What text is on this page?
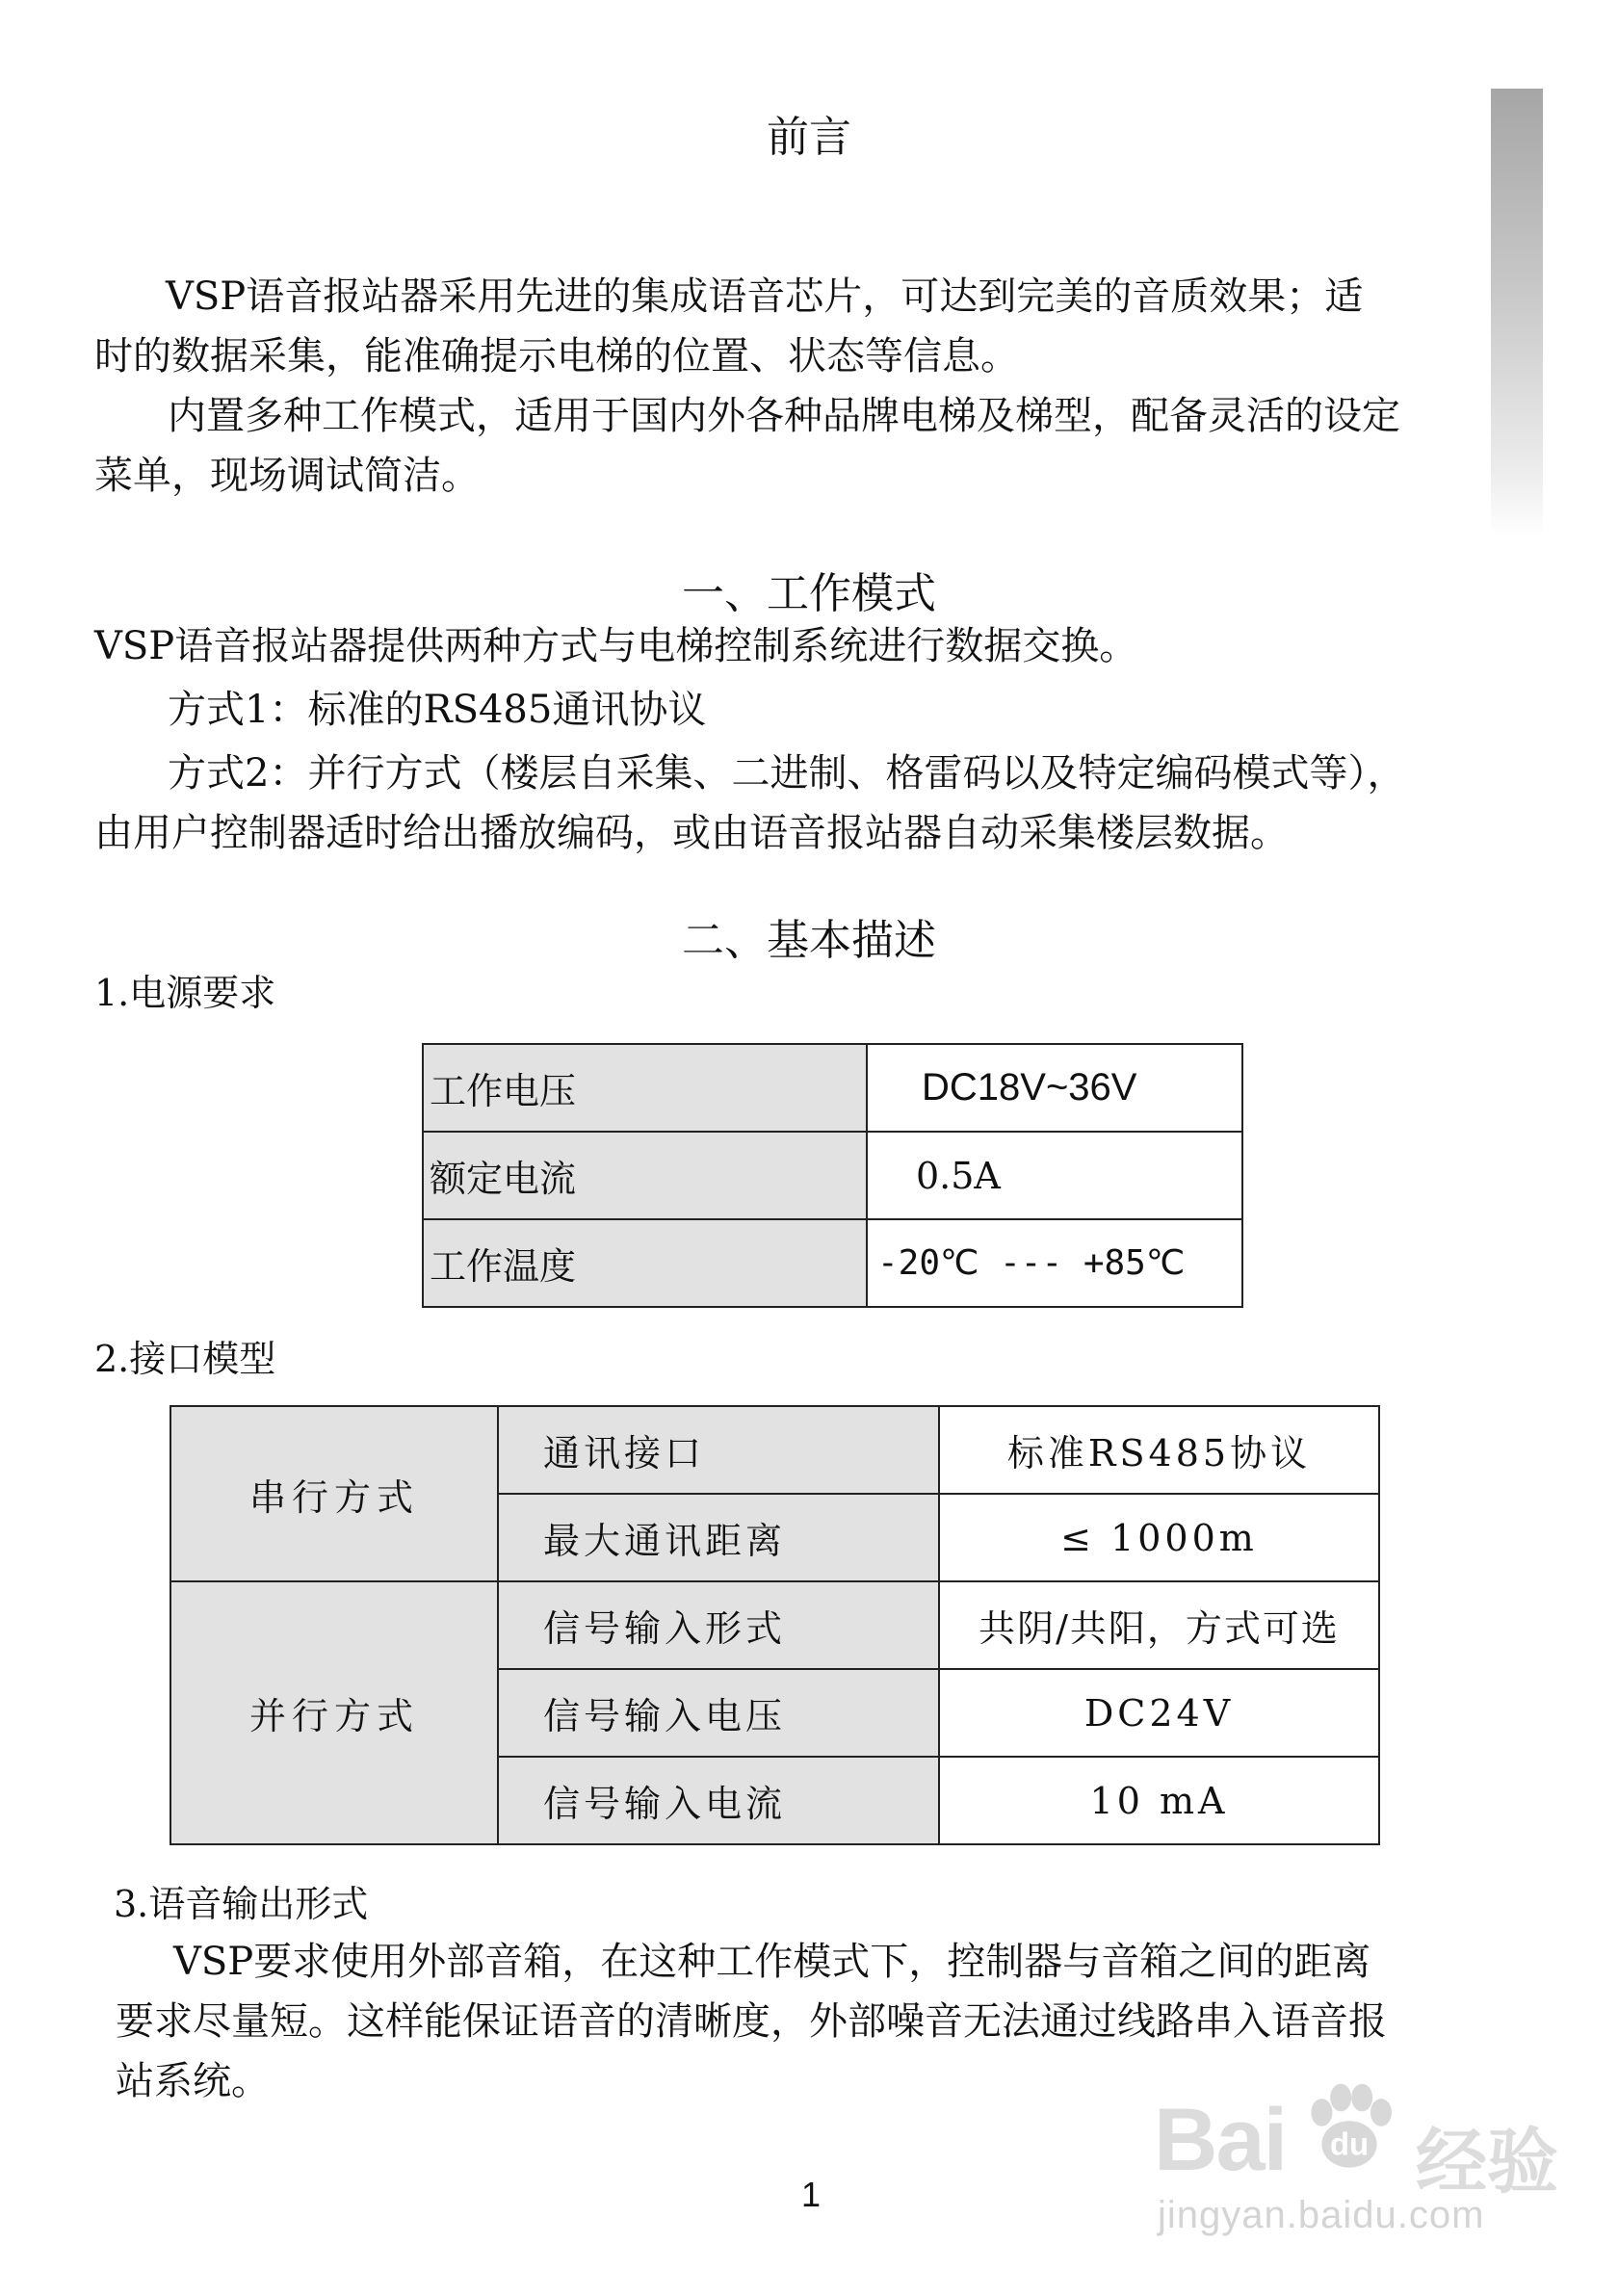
前言
VSP语音报站器采用先进的集成语音芯片，可达到完美的音质效果；适
时的数据采集，能准确提示电梯的位置、状态等信息。
内置多种工作模式，适用于国内外各种品牌电梯及梯型，配备灵活的设定
菜单，现场调试简洁。
一、工作模式
VSP语音报站器提供两种方式与电梯控制系统进行数据交换。
方式1：标准的RS485通讯协议
方式2：并行方式（楼层自采集、二进制、格雷码以及特定编码模式等），
由用户控制器适时给出播放编码，或由语音报站器自动采集楼层数据。
二、基本描述
1.电源要求
工作电压	DC18V~36V
额定电流	0.5A
工作温度	-20℃ --- +85℃
2.接口模型
串行方式	通讯接口	标准RS485协议
	最大通讯距离	≤ 1000m
并行方式	信号输入形式	共阴/共阳，方式可选
	信号输入电压	DC24V
	信号输入电流	10 mA
3.语音输出形式
VSP要求使用外部音箱，在这种工作模式下，控制器与音箱之间的距离
要求尽量短。这样能保证语音的清晰度，外部噪音无法通过线路串入语音报
站系统。
1
Bai du 经验
jingyan.baidu.com
